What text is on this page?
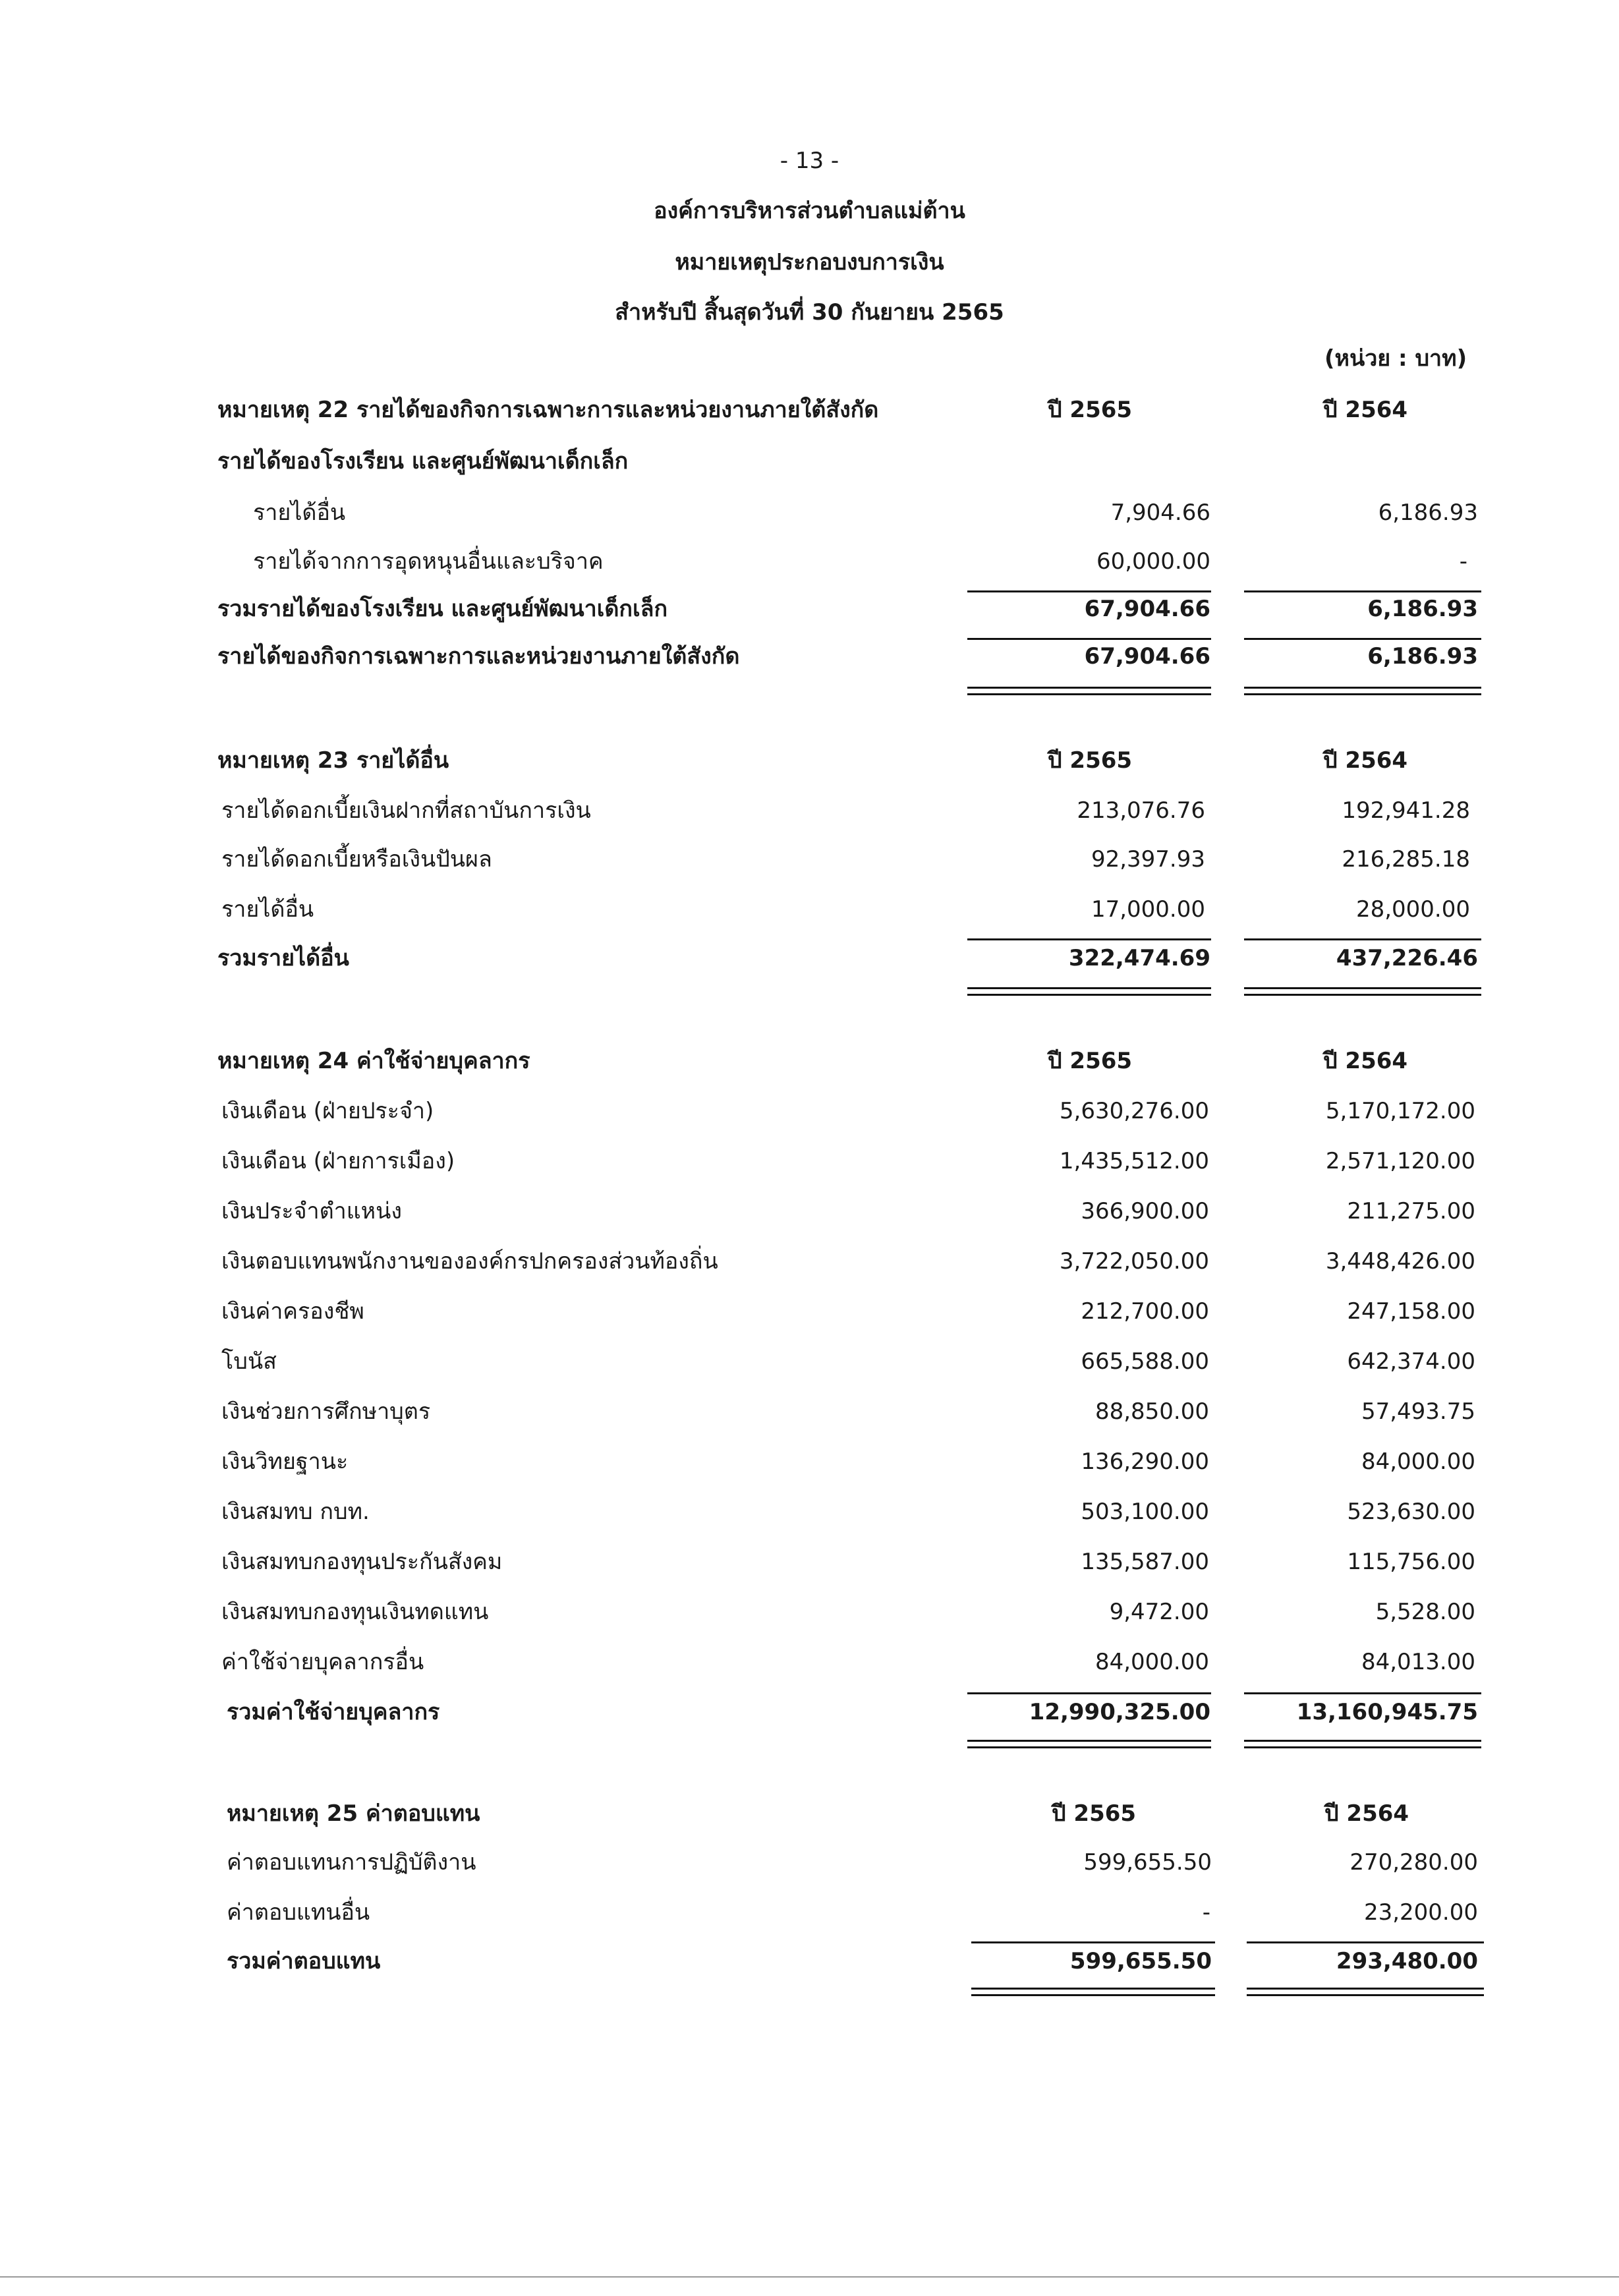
- 13 -
องค์การบริหารส่วนตำบลแม่ต้าน
หมายเหตุประกอบงบการเงิน
สำหรับปี สิ้นสุดวันที่ 30 กันยายน 2565
(หน่วย : บาท)
หมายเหตุ 22 รายได้ของกิจการเฉพาะการและหน่วยงานภายใต้สังกัด	ปี 2565	ปี 2564
รายได้ของโรงเรียน และศูนย์พัฒนาเด็กเล็ก
รายได้อื่น	7,904.66	6,186.93
รายได้จากการอุดหนุนอื่นและบริจาค	60,000.00	-
รวมรายได้ของโรงเรียน และศูนย์พัฒนาเด็กเล็ก	67,904.66	6,186.93
รายได้ของกิจการเฉพาะการและหน่วยงานภายใต้สังกัด	67,904.66	6,186.93
หมายเหตุ 23 รายได้อื่น	ปี 2565	ปี 2564
รายได้ดอกเบี้ยเงินฝากที่สถาบันการเงิน	213,076.76	192,941.28
รายได้ดอกเบี้ยหรือเงินปันผล	92,397.93	216,285.18
รายได้อื่น	17,000.00	28,000.00
รวมรายได้อื่น	322,474.69	437,226.46
หมายเหตุ 24 ค่าใช้จ่ายบุคลากร	ปี 2565	ปี 2564
เงินเดือน (ฝ่ายประจำ)	5,630,276.00	5,170,172.00
เงินเดือน (ฝ่ายการเมือง)	1,435,512.00	2,571,120.00
เงินประจำตำแหน่ง	366,900.00	211,275.00
เงินตอบแทนพนักงานขององค์กรปกครองส่วนท้องถิ่น	3,722,050.00	3,448,426.00
เงินค่าครองชีพ	212,700.00	247,158.00
โบนัส	665,588.00	642,374.00
เงินช่วยการศึกษาบุตร	88,850.00	57,493.75
เงินวิทยฐานะ	136,290.00	84,000.00
เงินสมทบ กบท.	503,100.00	523,630.00
เงินสมทบกองทุนประกันสังคม	135,587.00	115,756.00
เงินสมทบกองทุนเงินทดแทน	9,472.00	5,528.00
ค่าใช้จ่ายบุคลากรอื่น	84,000.00	84,013.00
รวมค่าใช้จ่ายบุคลากร	12,990,325.00	13,160,945.75
หมายเหตุ 25 ค่าตอบแทน	ปี 2565	ปี 2564
ค่าตอบแทนการปฏิบัติงาน	599,655.50	270,280.00
ค่าตอบแทนอื่น	-	23,200.00
รวมค่าตอบแทน	599,655.50	293,480.00
